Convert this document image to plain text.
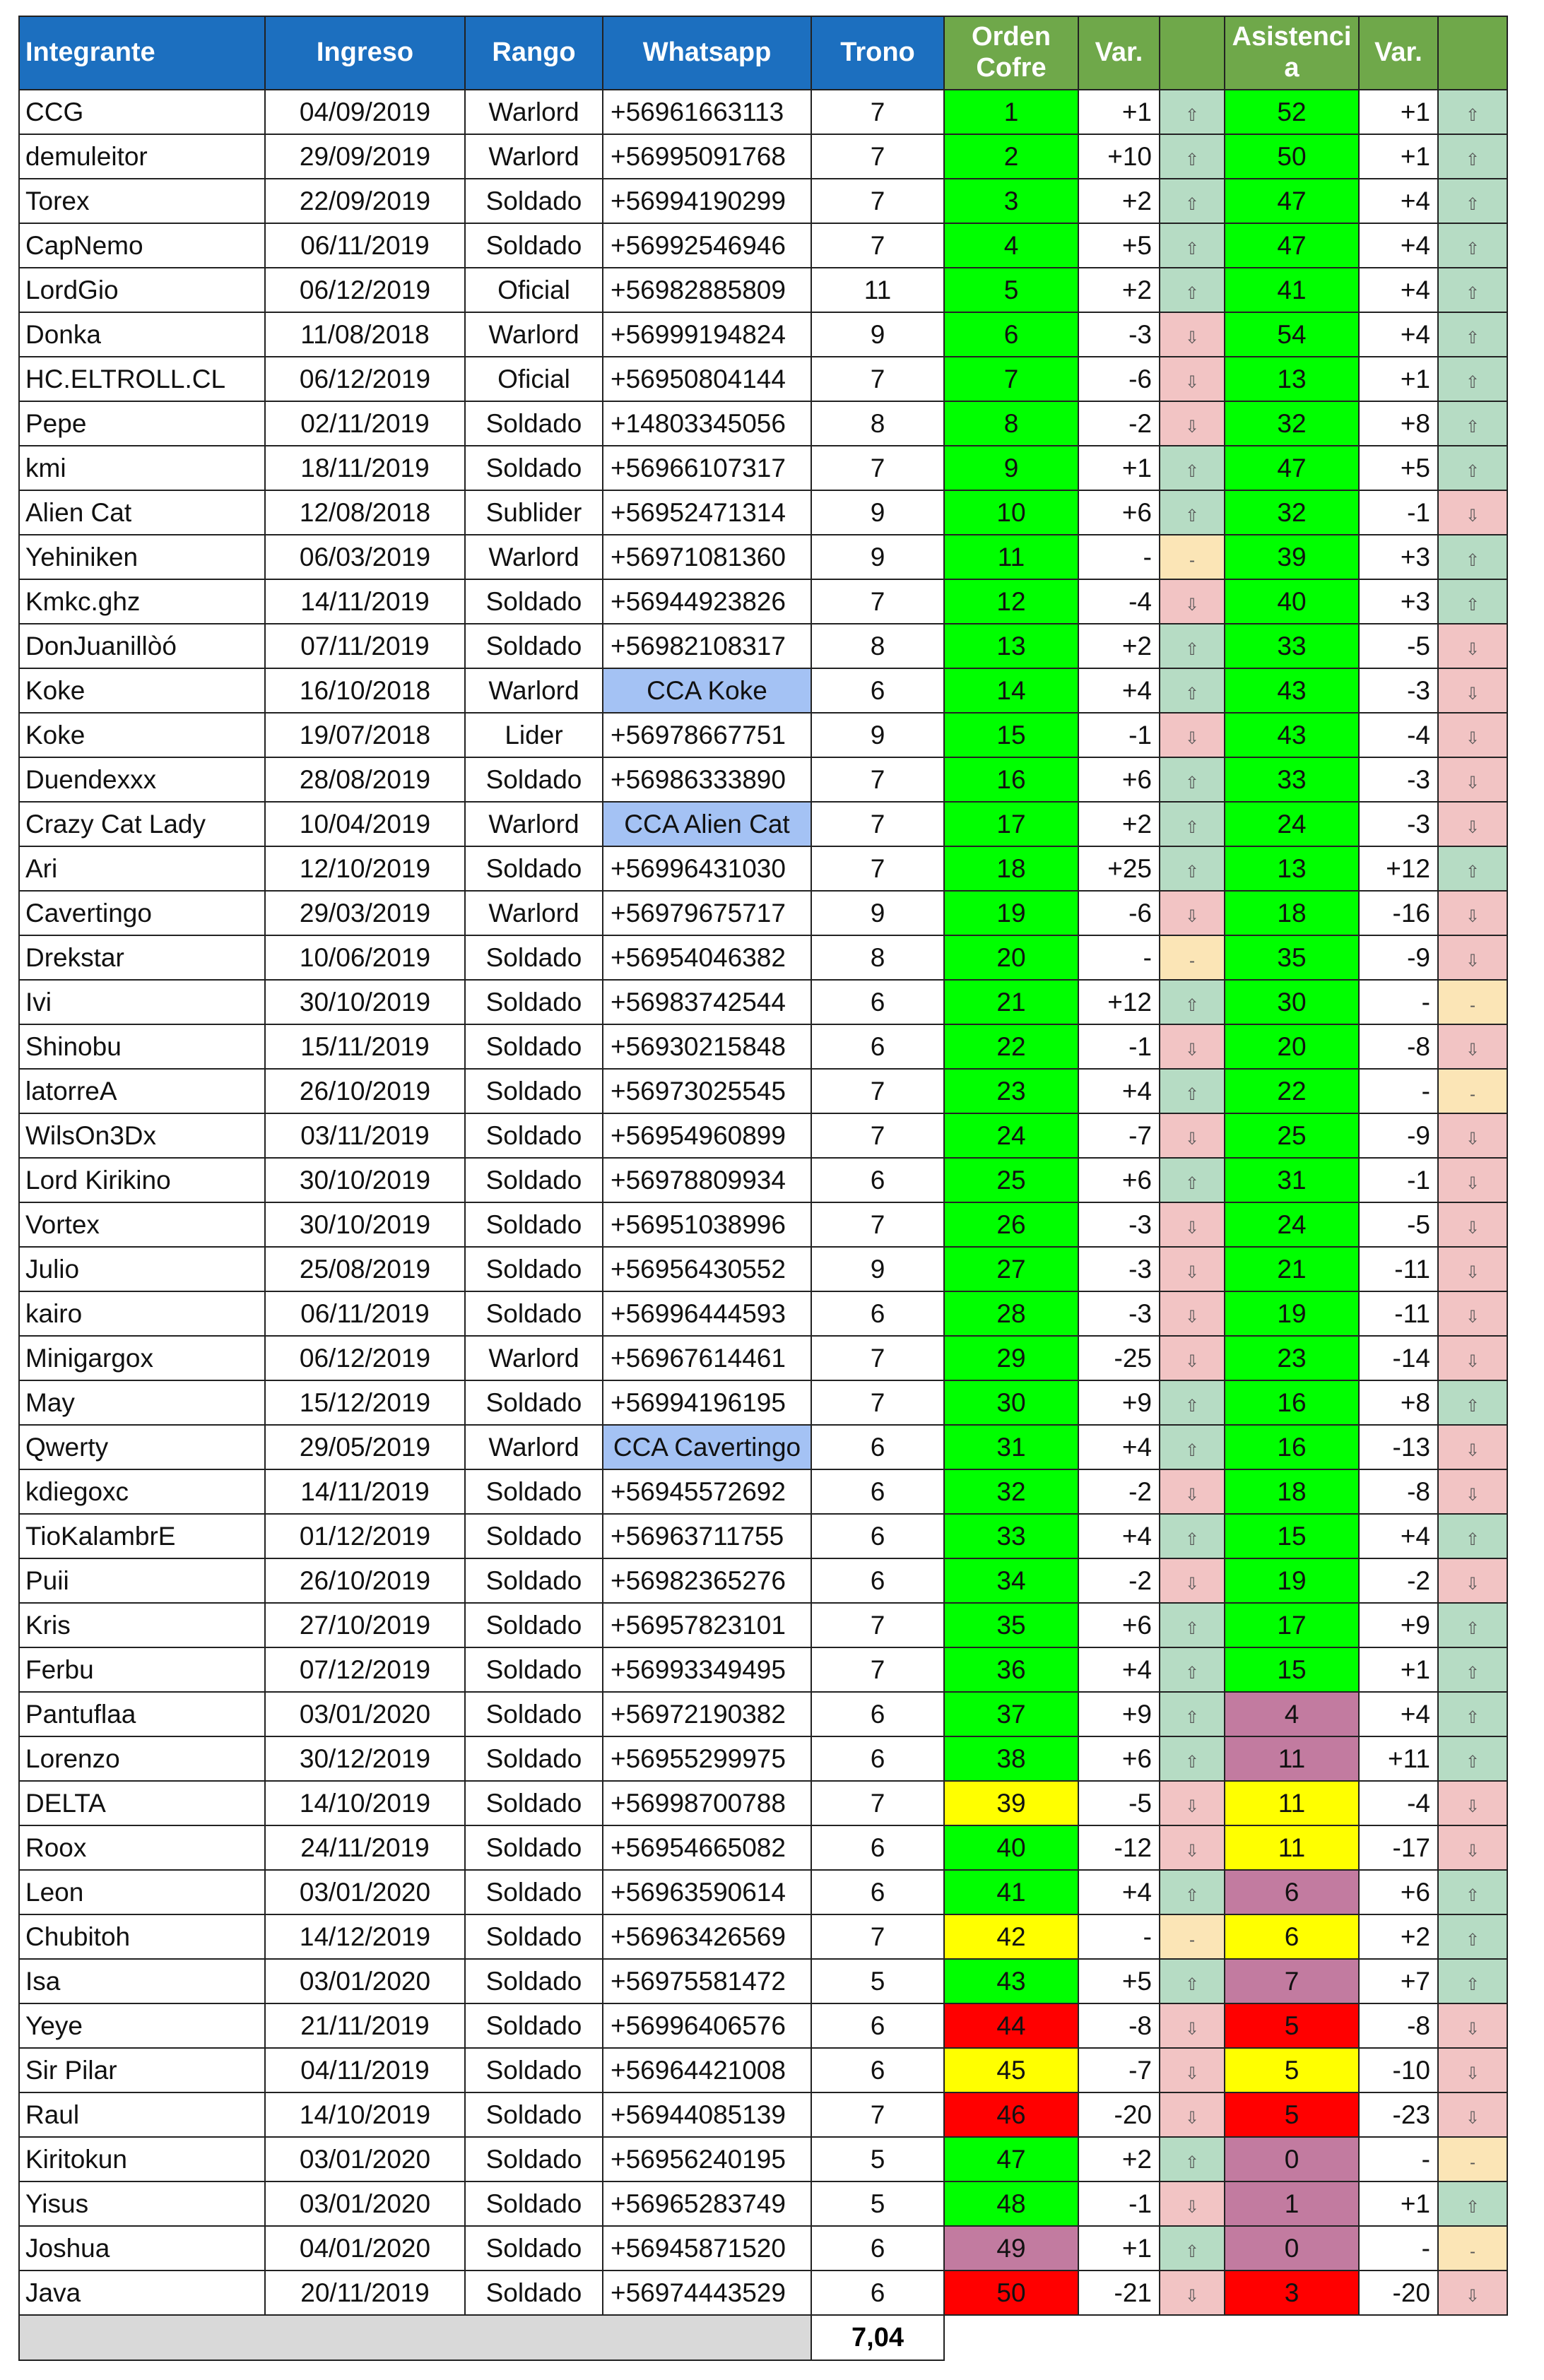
Integrante	Ingreso	Rango	Whatsapp	Trono	Orden Cofre	Var.		Asistenci a	Var.	
CCG	04/09/2019	Warlord	+56961663113	7	1	+1	⇧	52	+1	⇧
demuleitor	29/09/2019	Warlord	+56995091768	7	2	+10	⇧	50	+1	⇧
Torex	22/09/2019	Soldado	+56994190299	7	3	+2	⇧	47	+4	⇧
CapNemo	06/11/2019	Soldado	+56992546946	7	4	+5	⇧	47	+4	⇧
LordGio	06/12/2019	Oficial	+56982885809	11	5	+2	⇧	41	+4	⇧
Donka	11/08/2018	Warlord	+56999194824	9	6	-3	⇩	54	+4	⇧
HC.ELTROLL.CL	06/12/2019	Oficial	+56950804144	7	7	-6	⇩	13	+1	⇧
Pepe	02/11/2019	Soldado	+14803345056	8	8	-2	⇩	32	+8	⇧
kmi	18/11/2019	Soldado	+56966107317	7	9	+1	⇧	47	+5	⇧
Alien Cat	12/08/2018	Sublider	+56952471314	9	10	+6	⇧	32	-1	⇩
Yehiniken	06/03/2019	Warlord	+56971081360	9	11	-	-	39	+3	⇧
Kmkc.ghz	14/11/2019	Soldado	+56944923826	7	12	-4	⇩	40	+3	⇧
DonJuanillòó	07/11/2019	Soldado	+56982108317	8	13	+2	⇧	33	-5	⇩
Koke	16/10/2018	Warlord	CCA Koke	6	14	+4	⇧	43	-3	⇩
Koke	19/07/2018	Lider	+56978667751	9	15	-1	⇩	43	-4	⇩
Duendexxx	28/08/2019	Soldado	+56986333890	7	16	+6	⇧	33	-3	⇩
Crazy Cat Lady	10/04/2019	Warlord	CCA Alien Cat	7	17	+2	⇧	24	-3	⇩
Ari	12/10/2019	Soldado	+56996431030	7	18	+25	⇧	13	+12	⇧
Cavertingo	29/03/2019	Warlord	+56979675717	9	19	-6	⇩	18	-16	⇩
Drekstar	10/06/2019	Soldado	+56954046382	8	20	-	-	35	-9	⇩
Ivi	30/10/2019	Soldado	+56983742544	6	21	+12	⇧	30	-	-
Shinobu	15/11/2019	Soldado	+56930215848	6	22	-1	⇩	20	-8	⇩
latorreA	26/10/2019	Soldado	+56973025545	7	23	+4	⇧	22	-	-
WilsOn3Dx	03/11/2019	Soldado	+56954960899	7	24	-7	⇩	25	-9	⇩
Lord Kirikino	30/10/2019	Soldado	+56978809934	6	25	+6	⇧	31	-1	⇩
Vortex	30/10/2019	Soldado	+56951038996	7	26	-3	⇩	24	-5	⇩
Julio	25/08/2019	Soldado	+56956430552	9	27	-3	⇩	21	-11	⇩
kairo	06/11/2019	Soldado	+56996444593	6	28	-3	⇩	19	-11	⇩
Minigargox	06/12/2019	Warlord	+56967614461	7	29	-25	⇩	23	-14	⇩
May	15/12/2019	Soldado	+56994196195	7	30	+9	⇧	16	+8	⇧
Qwerty	29/05/2019	Warlord	CCA Cavertingo	6	31	+4	⇧	16	-13	⇩
kdiegoxc	14/11/2019	Soldado	+56945572692	6	32	-2	⇩	18	-8	⇩
TioKalambrE	01/12/2019	Soldado	+56963711755	6	33	+4	⇧	15	+4	⇧
Puii	26/10/2019	Soldado	+56982365276	6	34	-2	⇩	19	-2	⇩
Kris	27/10/2019	Soldado	+56957823101	7	35	+6	⇧	17	+9	⇧
Ferbu	07/12/2019	Soldado	+56993349495	7	36	+4	⇧	15	+1	⇧
Pantuflaa	03/01/2020	Soldado	+56972190382	6	37	+9	⇧	4	+4	⇧
Lorenzo	30/12/2019	Soldado	+56955299975	6	38	+6	⇧	11	+11	⇧
DELTA	14/10/2019	Soldado	+56998700788	7	39	-5	⇩	11	-4	⇩
Roox	24/11/2019	Soldado	+56954665082	6	40	-12	⇩	11	-17	⇩
Leon	03/01/2020	Soldado	+56963590614	6	41	+4	⇧	6	+6	⇧
Chubitoh	14/12/2019	Soldado	+56963426569	7	42	-	-	6	+2	⇧
Isa	03/01/2020	Soldado	+56975581472	5	43	+5	⇧	7	+7	⇧
Yeye	21/11/2019	Soldado	+56996406576	6	44	-8	⇩	5	-8	⇩
Sir Pilar	04/11/2019	Soldado	+56964421008	6	45	-7	⇩	5	-10	⇩
Raul	14/10/2019	Soldado	+56944085139	7	46	-20	⇩	5	-23	⇩
Kiritokun	03/01/2020	Soldado	+56956240195	5	47	+2	⇧	0	-	-
Yisus	03/01/2020	Soldado	+56965283749	5	48	-1	⇩	1	+1	⇧
Joshua	04/01/2020	Soldado	+56945871520	6	49	+1	⇧	0	-	-
Java	20/11/2019	Soldado	+56974443529	6	50	-21	⇩	3	-20	⇩
				7,04						
